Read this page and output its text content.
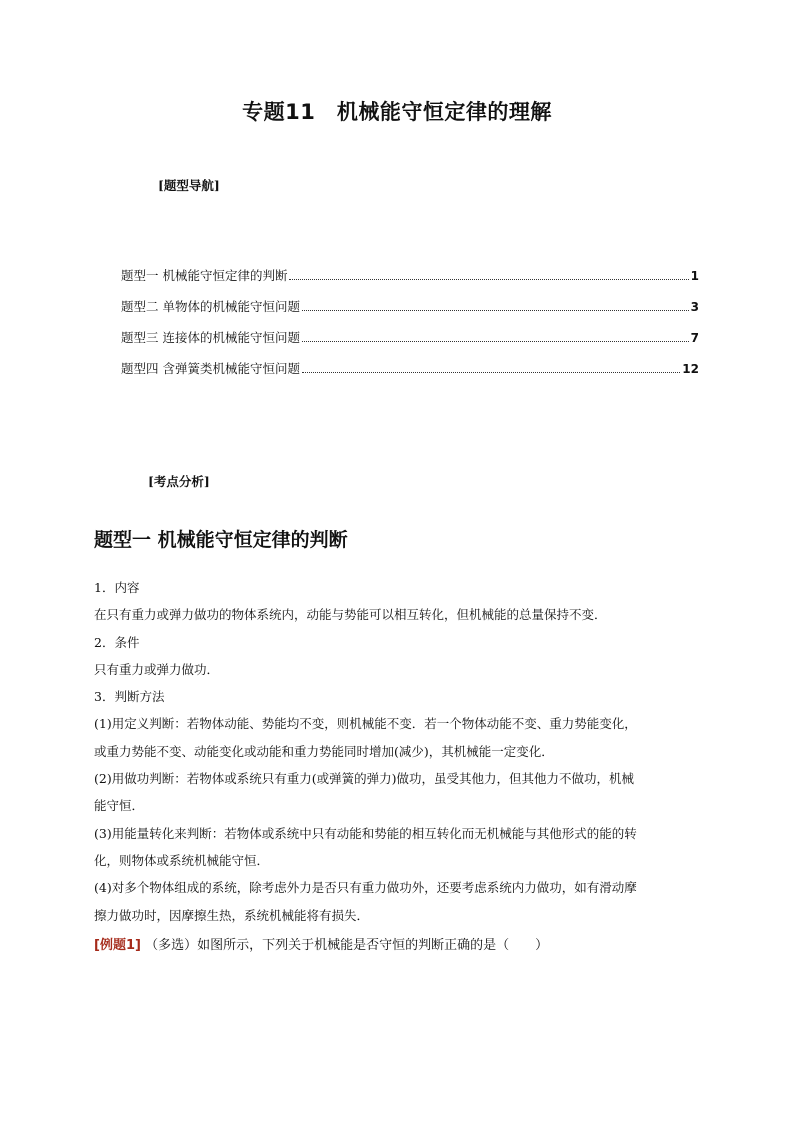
专题11　机械能守恒定律的理解
[题型导航]
题型一 机械能守恒定律的判断	1
题型二 单物体的机械能守恒问题	3
题型三 连接体的机械能守恒问题	7
题型四 含弹簧类机械能守恒问题	12
[考点分析]
题型一 机械能守恒定律的判断

1．内容

在只有重力或弹力做功的物体系统内，动能与势能可以相互转化，但机械能的总量保持不变．

2．条件

只有重力或弹力做功．

3．判断方法

(1)用定义判断：若物体动能、势能均不变，则机械能不变．若一个物体动能不变、重力势能变化，

或重力势能不变、动能变化或动能和重力势能同时增加(减少)，其机械能一定变化．

(2)用做功判断：若物体或系统只有重力(或弹簧的弹力)做功，虽受其他力，但其他力不做功，机械

能守恒．

(3)用能量转化来判断：若物体或系统中只有动能和势能的相互转化而无机械能与其他形式的能的转

化，则物体或系统机械能守恒．

(4)对多个物体组成的系统，除考虑外力是否只有重力做功外，还要考虑系统内力做功，如有滑动摩

擦力做功时，因摩擦生热，系统机械能将有损失．

[例题1] （多选）如图所示，下列关于机械能是否守恒的判断正确的是（　　）
